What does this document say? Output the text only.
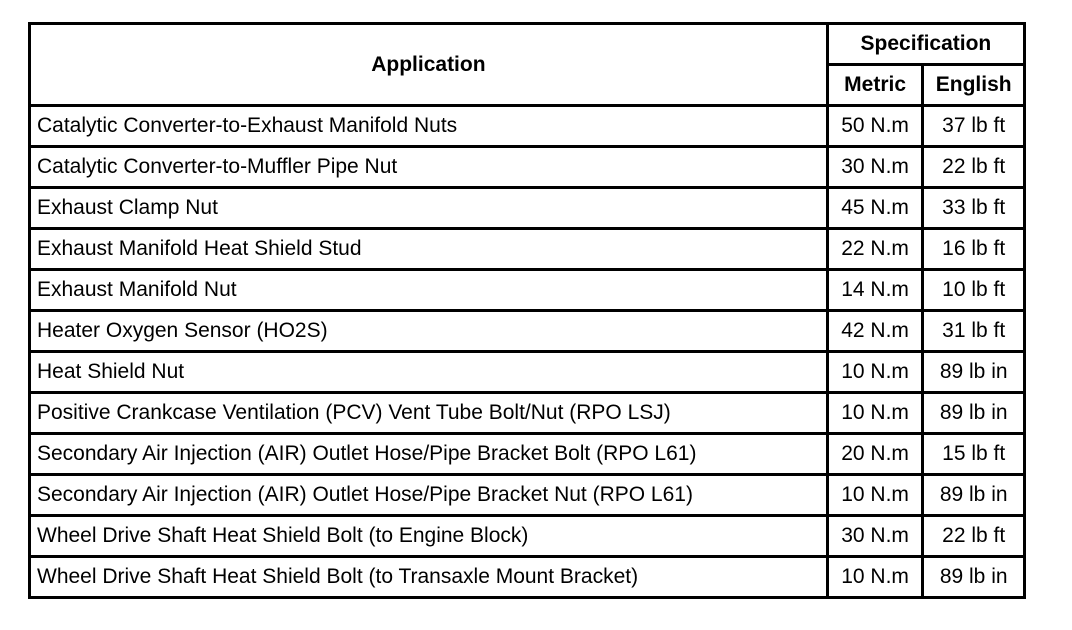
Application	Specification	
	Metric	English
Catalytic Converter-to-Exhaust Manifold Nuts	50 N.m	37 lb ft
Catalytic Converter-to-Muffler Pipe Nut	30 N.m	22 lb ft
Exhaust Clamp Nut	45 N.m	33 lb ft
Exhaust Manifold Heat Shield Stud	22 N.m	16 lb ft
Exhaust Manifold Nut	14 N.m	10 lb ft
Heater Oxygen Sensor (HO2S)	42 N.m	31 lb ft
Heat Shield Nut	10 N.m	89 lb in
Positive Crankcase Ventilation (PCV) Vent Tube Bolt/Nut (RPO LSJ)	10 N.m	89 lb in
Secondary Air Injection (AIR) Outlet Hose/Pipe Bracket Bolt (RPO L61)	20 N.m	15 lb ft
Secondary Air Injection (AIR) Outlet Hose/Pipe Bracket Nut (RPO L61)	10 N.m	89 lb in
Wheel Drive Shaft Heat Shield Bolt (to Engine Block)	30 N.m	22 lb ft
Wheel Drive Shaft Heat Shield Bolt (to Transaxle Mount Bracket)	10 N.m	89 lb in
